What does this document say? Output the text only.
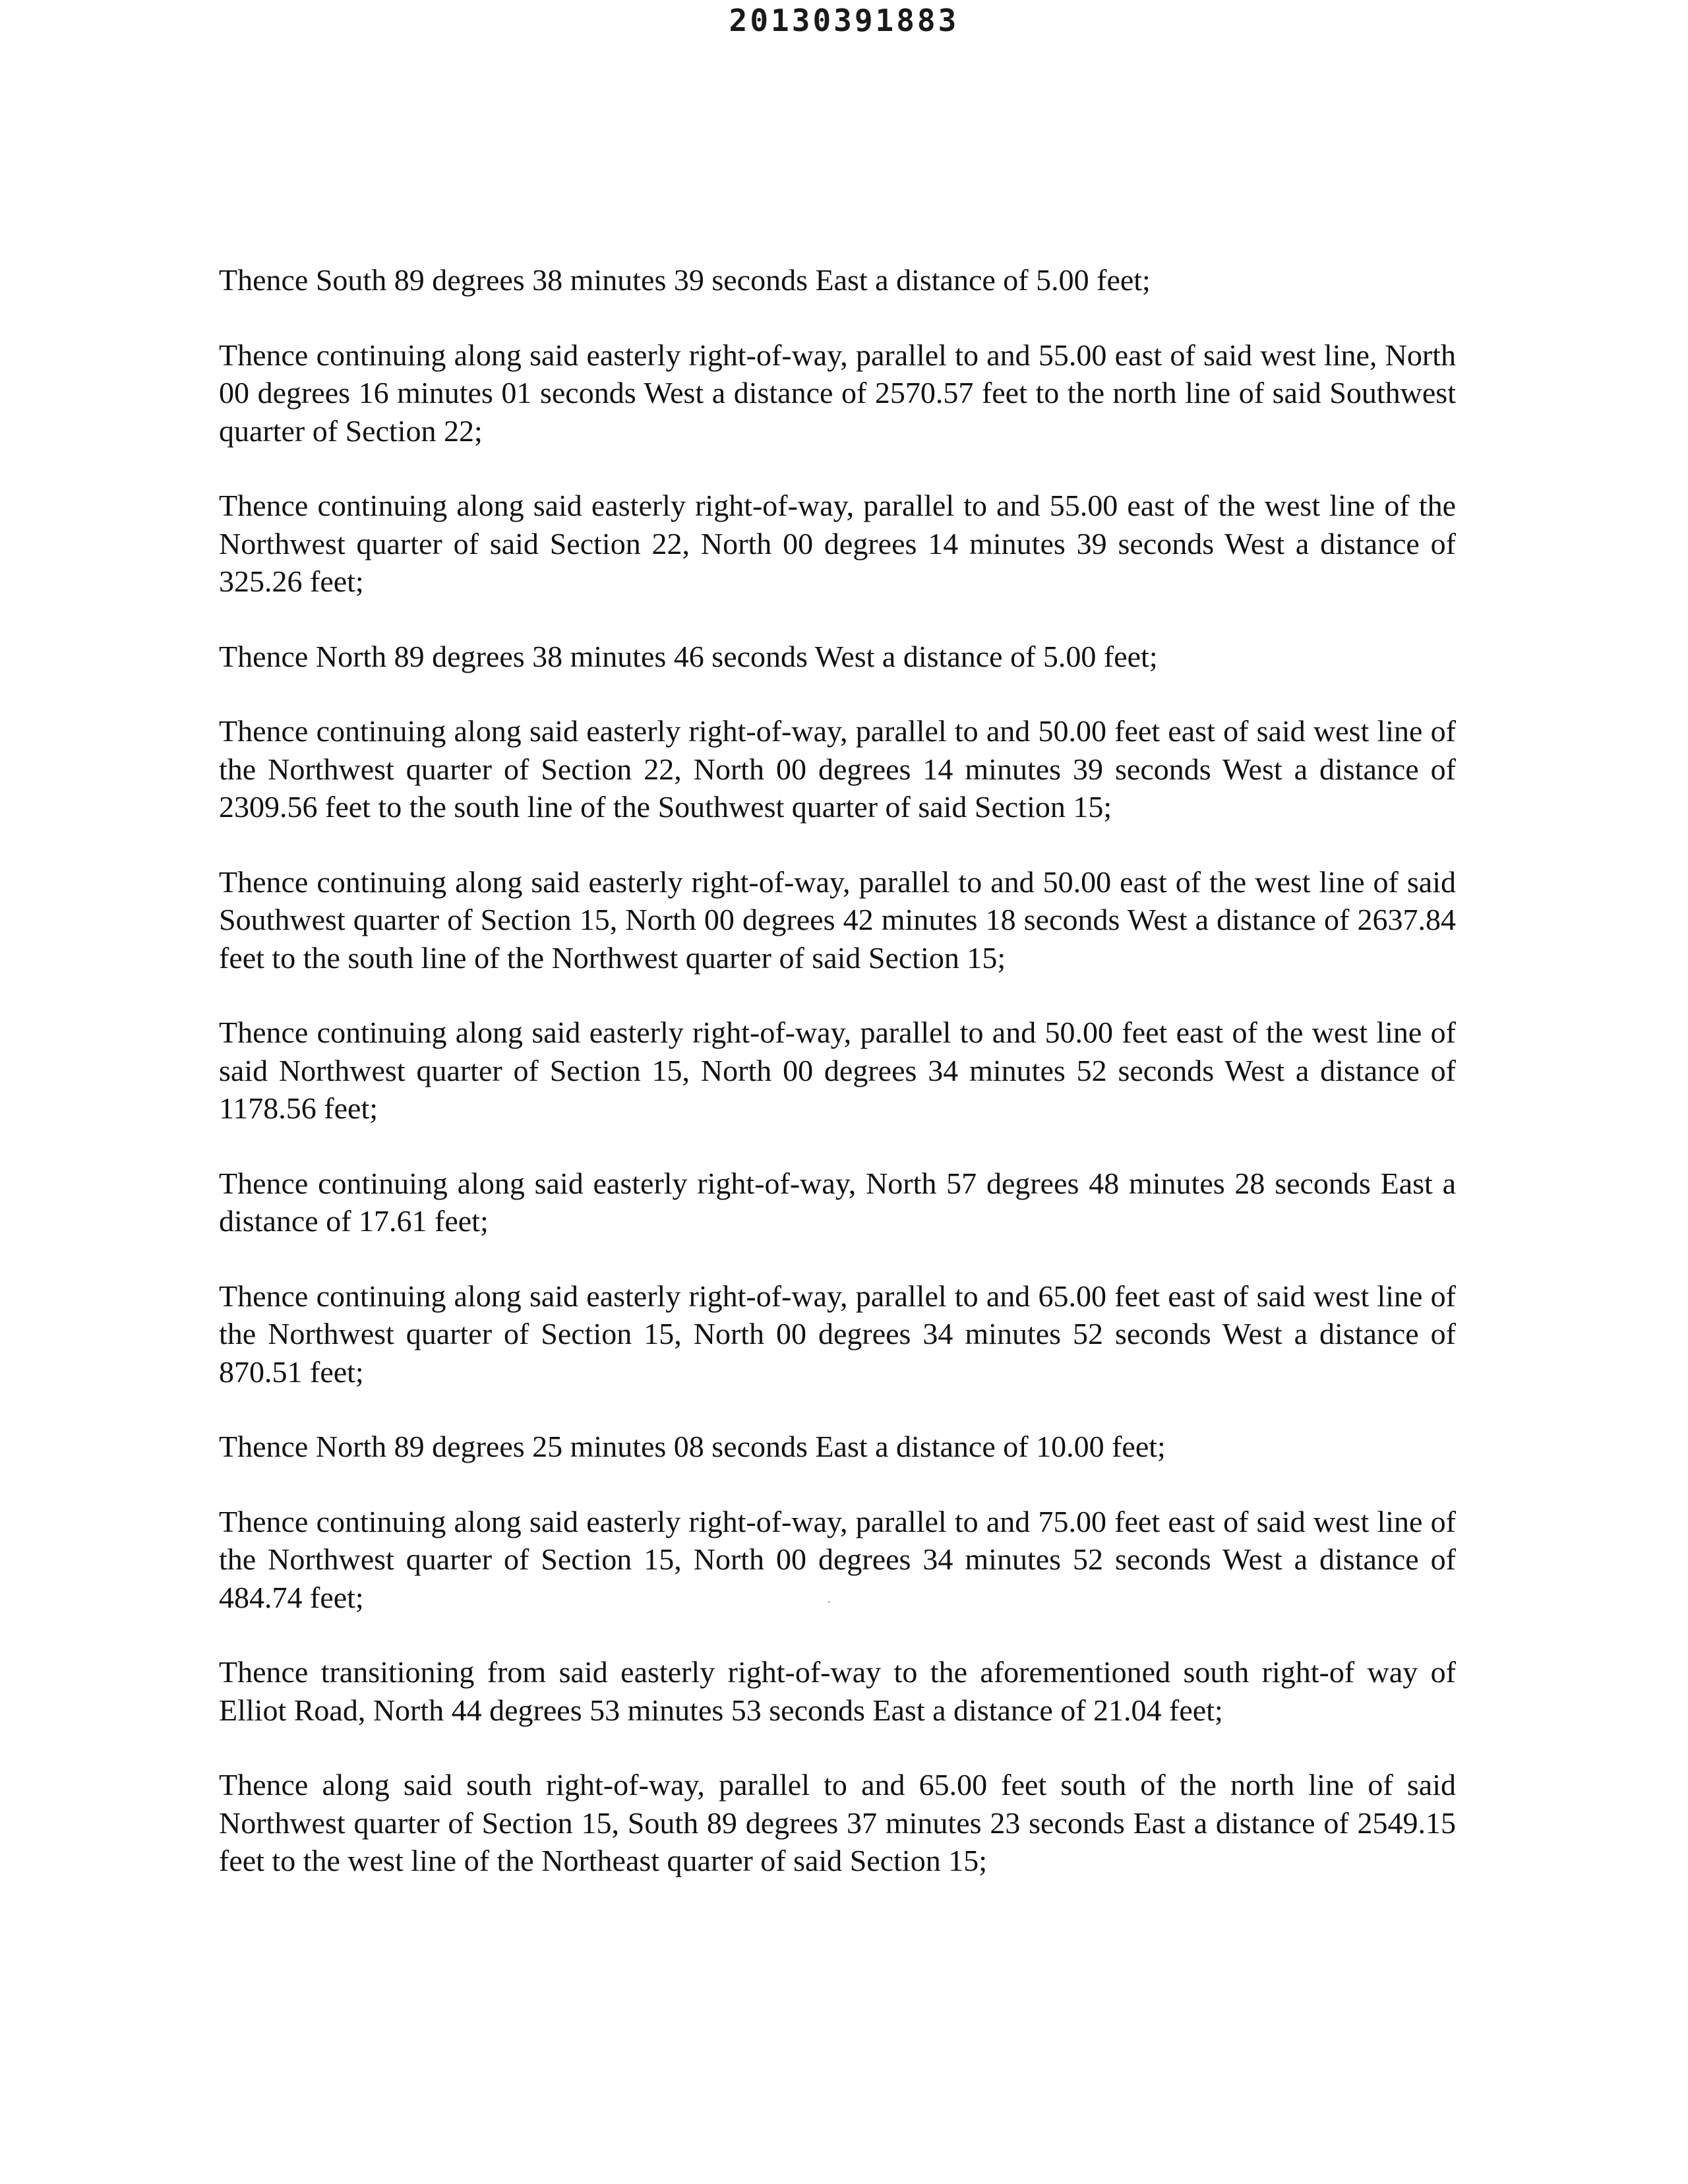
20130391883

Thence South 89 degrees 38 minutes 39 seconds East a distance of 5.00 feet;

Thence continuing along said easterly right-of-way, parallel to and 55.00 east of said west line, North 00 degrees 16 minutes 01 seconds West a distance of 2570.57 feet to the north line of said Southwest quarter of Section 22;

Thence continuing along said easterly right-of-way, parallel to and 55.00 east of the west line of the Northwest quarter of said Section 22, North 00 degrees 14 minutes 39 seconds West a distance of 325.26 feet;

Thence North 89 degrees 38 minutes 46 seconds West a distance of 5.00 feet;

Thence continuing along said easterly right-of-way, parallel to and 50.00 feet east of said west line of the Northwest quarter of Section 22, North 00 degrees 14 minutes 39 seconds West a distance of 2309.56 feet to the south line of the Southwest quarter of said Section 15;

Thence continuing along said easterly right-of-way, parallel to and 50.00 east of the west line of said Southwest quarter of Section 15, North 00 degrees 42 minutes 18 seconds West a distance of 2637.84 feet to the south line of the Northwest quarter of said Section 15;

Thence continuing along said easterly right-of-way, parallel to and 50.00 feet east of the west line of said Northwest quarter of Section 15, North 00 degrees 34 minutes 52 seconds West a distance of 1178.56 feet;

Thence continuing along said easterly right-of-way, North 57 degrees 48 minutes 28 seconds East a distance of 17.61 feet;

Thence continuing along said easterly right-of-way, parallel to and 65.00 feet east of said west line of the Northwest quarter of Section 15, North 00 degrees 34 minutes 52 seconds West a distance of 870.51 feet;

Thence North 89 degrees 25 minutes 08 seconds East a distance of 10.00 feet;

Thence continuing along said easterly right-of-way, parallel to and 75.00 feet east of said west line of the Northwest quarter of Section 15, North 00 degrees 34 minutes 52 seconds West a distance of 484.74 feet;

Thence transitioning from said easterly right-of-way to the aforementioned south right-of way of Elliot Road, North 44 degrees 53 minutes 53 seconds East a distance of 21.04 feet;

Thence along said south right-of-way, parallel to and 65.00 feet south of the north line of said Northwest quarter of Section 15, South 89 degrees 37 minutes 23 seconds East a distance of 2549.15 feet to the west line of the Northeast quarter of said Section 15;
